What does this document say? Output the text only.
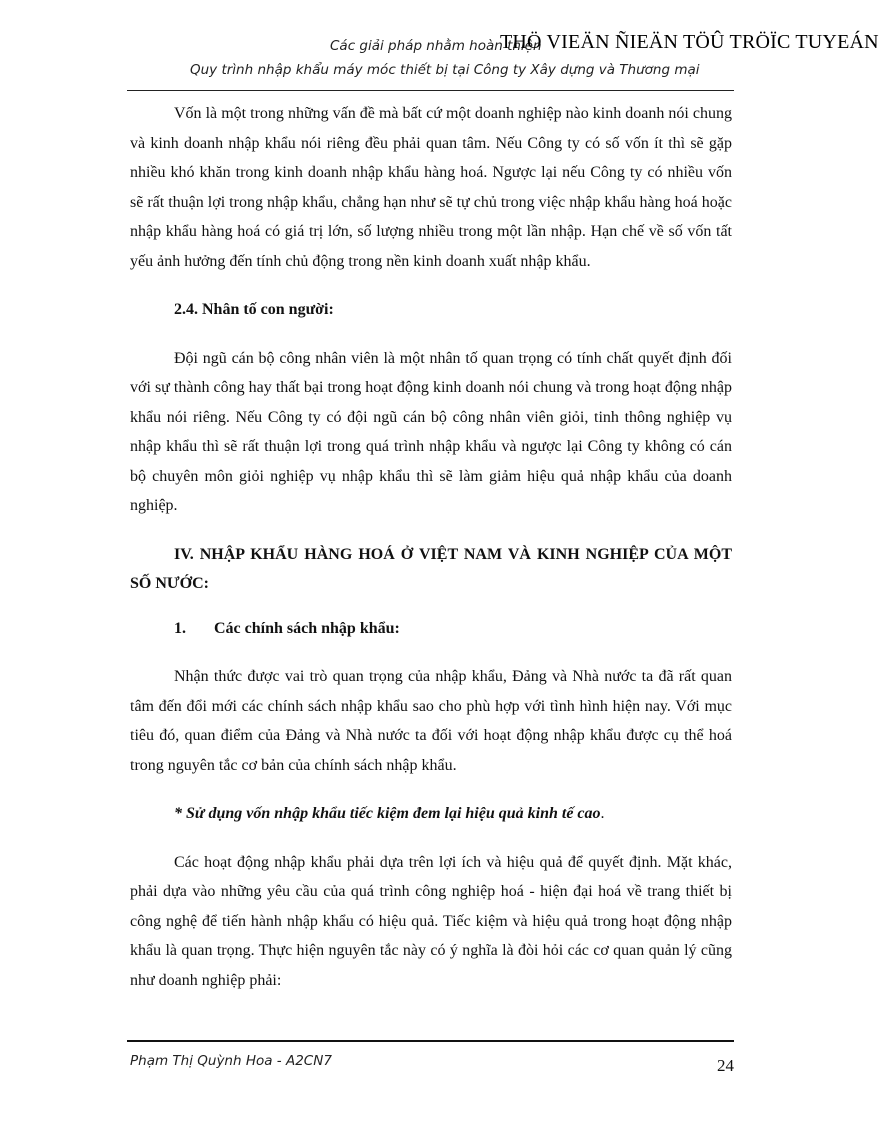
Các giải pháp nhằm hoàn thiện
THÖ VIEÄN ÑIEÄN TÖÛ TRÖÏC TUYEÁN
Quy trình nhập khẩu máy móc thiết bị tại Công ty Xây dựng và Thương mại

Vốn là một trong những vấn đề mà bất cứ một doanh nghiệp nào kinh doanh nói chung và kinh doanh nhập khẩu nói riêng đều phải quan tâm. Nếu Công ty có số vốn ít thì sẽ gặp nhiều khó khăn trong kinh doanh nhập khẩu hàng hoá. Ngược lại nếu Công ty có nhiều vốn sẽ rất thuận lợi trong nhập khẩu, chẳng hạn như sẽ tự chủ trong việc nhập khẩu hàng hoá hoặc nhập khẩu hàng hoá có giá trị lớn, số lượng nhiều trong một lần nhập. Hạn chế về số vốn tất yếu ảnh hưởng đến tính chủ động trong nền kinh doanh xuất nhập khẩu.

2.4. Nhân tố con người:

Đội ngũ cán bộ công nhân viên là một nhân tố quan trọng có tính chất quyết định đối với sự thành công hay thất bại trong hoạt động kinh doanh nói chung và trong hoạt động nhập khẩu nói riêng. Nếu Công ty có đội ngũ cán bộ công nhân viên giỏi, tinh thông nghiệp vụ nhập khẩu thì sẽ rất thuận lợi trong quá trình nhập khẩu và ngược lại Công ty không có cán bộ chuyên môn giỏi nghiệp vụ nhập khẩu thì sẽ làm giảm hiệu quả nhập khẩu của doanh nghiệp.

IV. NHẬP KHẨU HÀNG HOÁ Ở VIỆT NAM VÀ KINH NGHIỆP CỦA MỘT SỐ NƯỚC:

1. Các chính sách nhập khẩu:

Nhận thức được vai trò quan trọng của nhập khẩu, Đảng và Nhà nước ta đã rất quan tâm đến đổi mới các chính sách nhập khẩu sao cho phù hợp với tình hình hiện nay. Với mục tiêu đó, quan điểm của Đảng và Nhà nước ta đối với hoạt động nhập khẩu được cụ thể hoá trong nguyên tắc cơ bản của chính sách nhập khẩu.

* Sử dụng vốn nhập khẩu tiếc kiệm đem lại hiệu quả kinh tế cao.

Các hoạt động nhập khẩu phải dựa trên lợi ích và hiệu quả để quyết định. Mặt khác, phải dựa vào những yêu cầu của quá trình công nghiệp hoá - hiện đại hoá về trang thiết bị công nghệ để tiến hành nhập khẩu có hiệu quả. Tiếc kiệm và hiệu quả trong hoạt động nhập khẩu là quan trọng. Thực hiện nguyên tắc này có ý nghĩa là đòi hỏi các cơ quan quản lý cũng như doanh nghiệp phải:

Phạm Thị Quỳnh Hoa - A2CN7	24
